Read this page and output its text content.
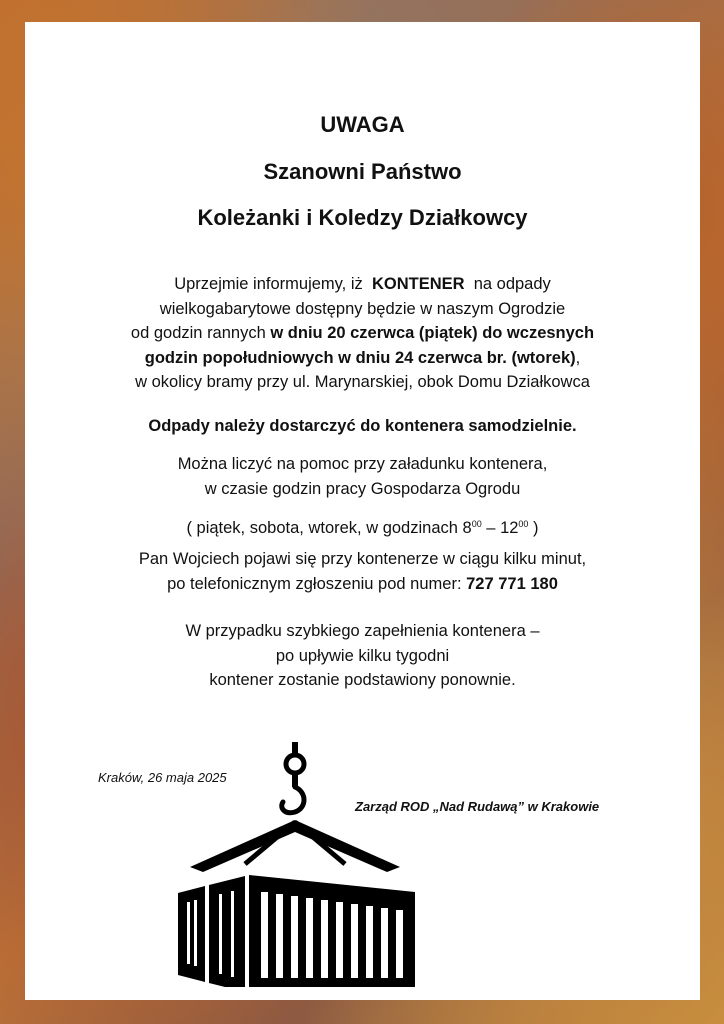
UWAGA
Szanowni Państwo
Koleżanki i Koledzy Działkowcy
Uprzejmie informujemy, iż KONTENER na odpady
wielkogabarytowe dostępny będzie w naszym Ogrodzie
od godzin rannych w dniu 20 czerwca (piątek) do wczesnych
godzin popołudniowych w dniu 24 czerwca br. (wtorek),
w okolicy bramy przy ul. Marynarskiej, obok Domu Działkowca
Odpady należy dostarczyć do kontenera samodzielnie.
Można liczyć na pomoc przy załadunku kontenera,
w czasie godzin pracy Gospodarza Ogrodu
( piątek, sobota, wtorek, w godzinach $8^{00} - 12^{00}$ )
Pan Wojciech pojawi się przy kontenerze w ciągu kilku minut,
po telefonicznym zgłoszeniu pod numer: 727 771 180
W przypadku szybkiego zapełnienia kontenera –
po upływie kilku tygodni
kontener zostanie podstawiony ponownie.
Kraków, 26 maja 2025
Zarząd ROD „Nad Rudawą” w Krakowie
